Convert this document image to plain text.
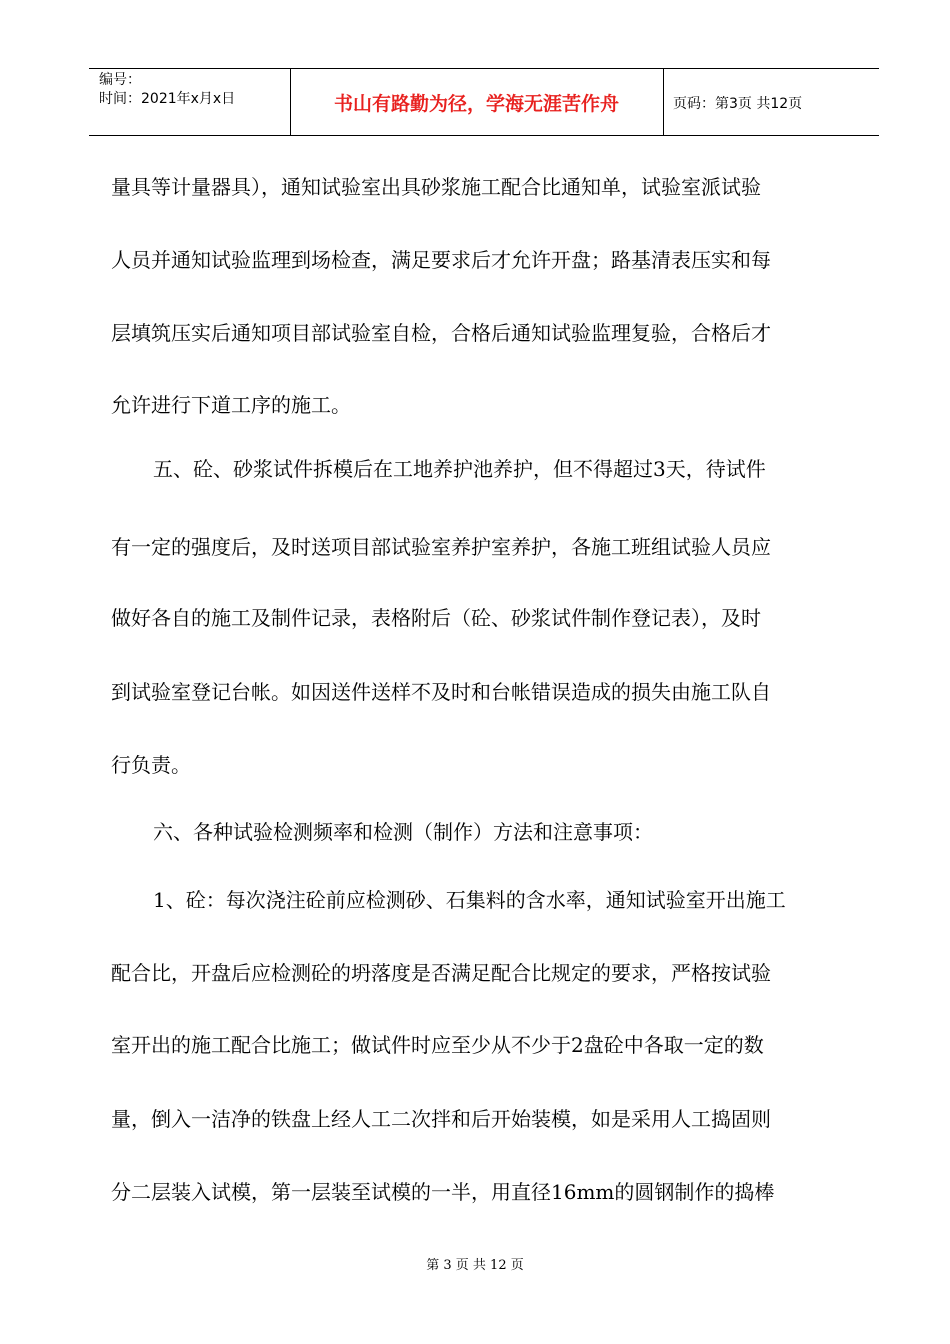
编号：
时间：2021年x月x日	书山有路勤为径，学海无涯苦作舟	页码：第3页 共12页
量具等计量器具），通知试验室出具砂浆施工配合比通知单，试验室派试验
人员并通知试验监理到场检查，满足要求后才允许开盘；路基清表压实和每
层填筑压实后通知项目部试验室自检，合格后通知试验监理复验，合格后才
允许进行下道工序的施工。
五、砼、砂浆试件拆模后在工地养护池养护，但不得超过3天，待试件
有一定的强度后，及时送项目部试验室养护室养护，各施工班组试验人员应
做好各自的施工及制件记录，表格附后（砼、砂浆试件制作登记表），及时
到试验室登记台帐。如因送件送样不及时和台帐错误造成的损失由施工队自
行负责。
六、各种试验检测频率和检测（制作）方法和注意事项：
1、砼：每次浇注砼前应检测砂、石集料的含水率，通知试验室开出施工
配合比，开盘后应检测砼的坍落度是否满足配合比规定的要求，严格按试验
室开出的施工配合比施工；做试件时应至少从不少于2盘砼中各取一定的数
量，倒入一洁净的铁盘上经人工二次拌和后开始装模，如是采用人工捣固则
分二层装入试模，第一层装至试模的一半，用直径16mm的圆钢制作的捣棒
第 3 页 共 12 页
